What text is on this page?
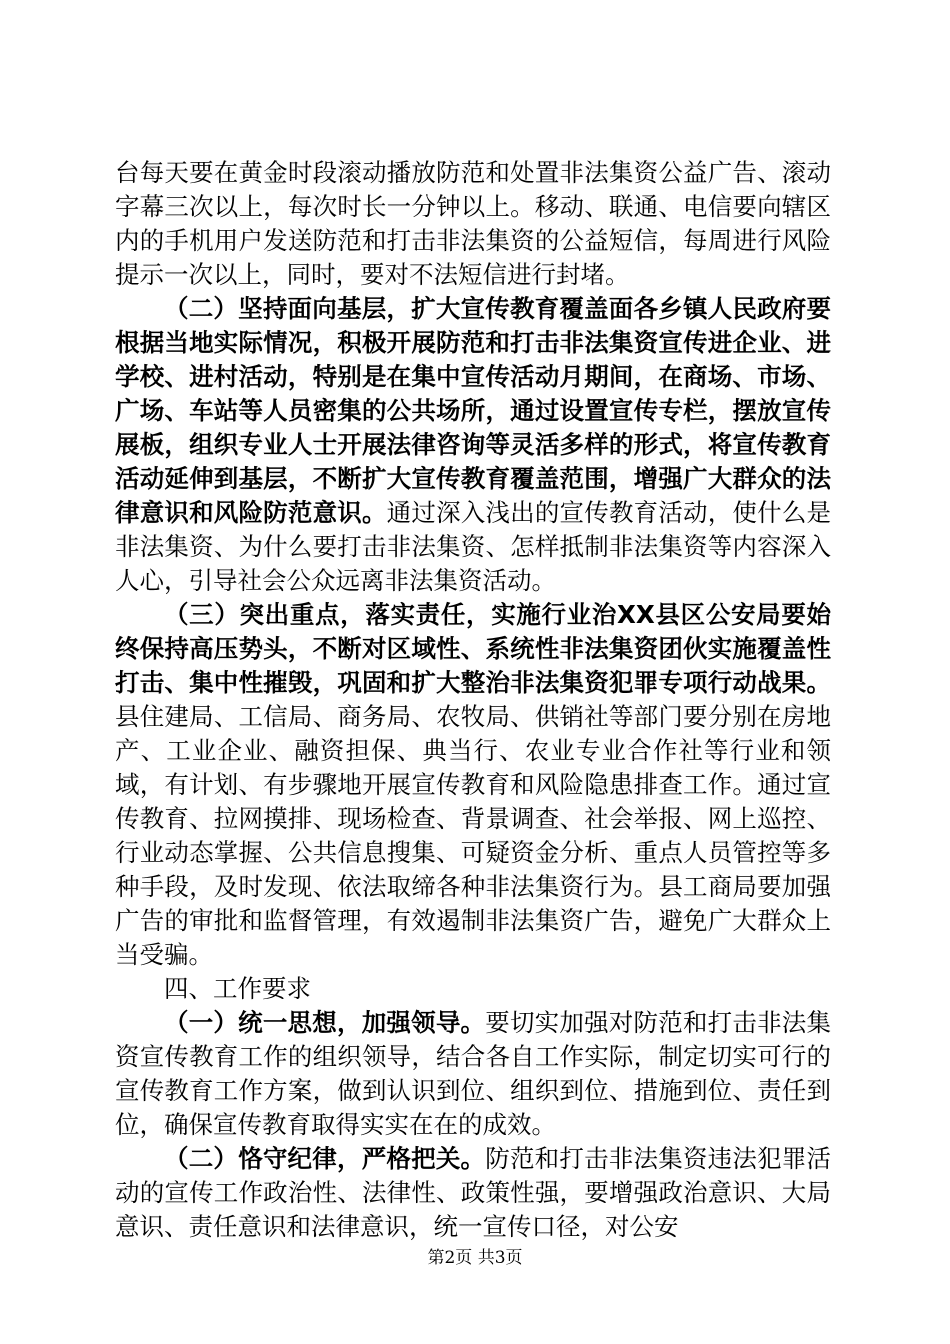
台每天要在黄金时段滚动播放防范和处置非法集资公益广告、滚动字幕三次以上，每次时长一分钟以上。移动、联通、电信要向辖区内的手机用户发送防范和打击非法集资的公益短信，每周进行风险提示一次以上，同时，要对不法短信进行封堵。

（二）坚持面向基层，扩大宣传教育覆盖面各乡镇人民政府要根据当地实际情况，积极开展防范和打击非法集资宣传进企业、进学校、进村活动，特别是在集中宣传活动月期间，在商场、市场、广场、车站等人员密集的公共场所，通过设置宣传专栏，摆放宣传展板，组织专业人士开展法律咨询等灵活多样的形式，将宣传教育活动延伸到基层，不断扩大宣传教育覆盖范围，增强广大群众的法律意识和风险防范意识。通过深入浅出的宣传教育活动，使什么是非法集资、为什么要打击非法集资、怎样抵制非法集资等内容深入人心，引导社会公众远离非法集资活动。

（三）突出重点，落实责任，实施行业治XX县区公安局要始终保持高压势头，不断对区域性、系统性非法集资团伙实施覆盖性打击、集中性摧毁，巩固和扩大整治非法集资犯罪专项行动战果。县住建局、工信局、商务局、农牧局、供销社等部门要分别在房地产、工业企业、融资担保、典当行、农业专业合作社等行业和领域，有计划、有步骤地开展宣传教育和风险隐患排查工作。通过宣传教育、拉网摸排、现场检查、背景调查、社会举报、网上巡控、行业动态掌握、公共信息搜集、可疑资金分析、重点人员管控等多种手段，及时发现、依法取缔各种非法集资行为。县工商局要加强广告的审批和监督管理，有效遏制非法集资广告，避免广大群众上当受骗。

四、工作要求

（一）统一思想，加强领导。要切实加强对防范和打击非法集资宣传教育工作的组织领导，结合各自工作实际，制定切实可行的宣传教育工作方案，做到认识到位、组织到位、措施到位、责任到位，确保宣传教育取得实实在在的成效。

（二）恪守纪律，严格把关。防范和打击非法集资违法犯罪活动的宣传工作政治性、法律性、政策性强，要增强政治意识、大局意识、责任意识和法律意识，统一宣传口径，对公安

第2页 共3页
